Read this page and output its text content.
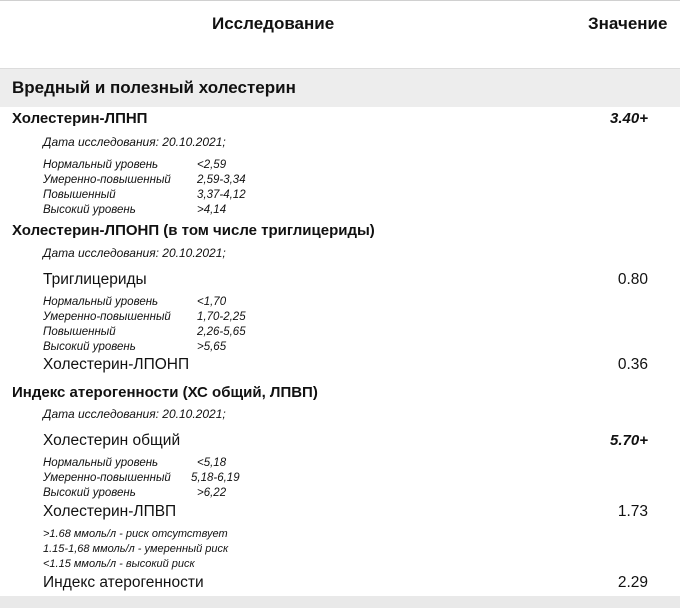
Исследование	Значение
Вредный и полезный холестерин
Холестерин-ЛПНП	3.40+
Дата исследования: 20.10.2021;
Нормальный уровень	<2,59
Умеренно-повышенный 2,59-3,34
Повышенный	3,37-4,12
Высокий уровень	>4,14
Холестерин-ЛПОНП (в том числе триглицериды)
Дата исследования: 20.10.2021;
Триглицериды	0.80
Нормальный уровень	<1,70
Умеренно-повышенный 1,70-2,25
Повышенный	2,26-5,65
Высокий уровень	>5,65
Холестерин-ЛПОНП	0.36
Индекс атерогенности (ХС общий, ЛПВП)
Дата исследования: 20.10.2021;
Холестерин общий	5.70+
Нормальный уровень	<5,18
Умеренно-повышенный 5,18-6,19
Высокий уровень	>6,22
Холестерин-ЛПВП	1.73
>1.68 ммоль/л - риск отсутствует
1.15-1,68 ммоль/л - умеренный риск
<1.15 ммоль/л - высокий риск
Индекс атерогенности	2.29
